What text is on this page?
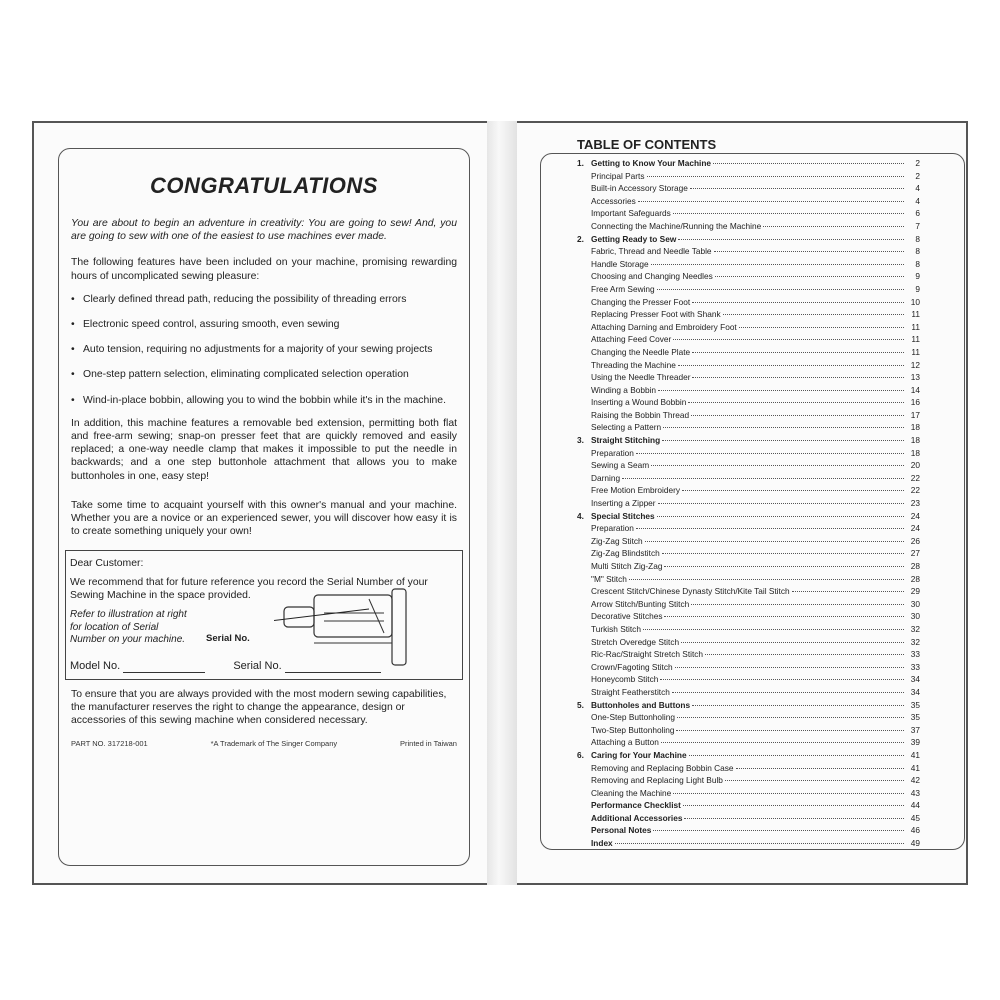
CONGRATULATIONS

You are about to begin an adventure in creativity: You are going to sew! And, you are going to sew with one of the easiest to use machines ever made.

The following features have been included on your machine, promising rewarding hours of uncomplicated sewing pleasure:

• Clearly defined thread path, reducing the possibility of threading errors
• Electronic speed control, assuring smooth, even sewing
• Auto tension, requiring no adjustments for a majority of your sewing projects
• One-step pattern selection, eliminating complicated selection operation
• Wind-in-place bobbin, allowing you to wind the bobbin while it's in the machine.

In addition, this machine features a removable bed extension, permitting both flat and free-arm sewing; snap-on presser feet that are quickly removed and easily replaced; a one-way needle clamp that makes it impossible to put the needle in backwards; and a one step buttonhole attachment that allows you to make buttonholes in one, easy step!

Take some time to acquaint yourself with this owner's manual and your machine. Whether you are a novice or an experienced sewer, you will discover how easy it is to create something uniquely your own!

Dear Customer:
We recommend that for future reference you record the Serial Number of your Sewing Machine in the space provided.
Refer to illustration at right for location of Serial Number on your machine.	Serial No.
Model No.	Serial No.

To ensure that you are always provided with the most modern sewing capabilities, the manufacturer reserves the right to change the appearance, design or accessories of this sewing machine when considered necessary.

PART NO. 317218-001	*A Trademark of The Singer Company	Printed in Taiwan
TABLE OF CONTENTS
1. Getting to Know Your Machine	2
Principal Parts	2
Built-in Accessory Storage	4
Accessories	4
Important Safeguards	6
Connecting the Machine/Running the Machine	7
2. Getting Ready to Sew	8
Fabric, Thread and Needle Table	8
Handle Storage	8
Choosing and Changing Needles	9
Free Arm Sewing	9
Changing the Presser Foot	10
Replacing Presser Foot with Shank	11
Attaching Darning and Embroidery Foot	11
Attaching Feed Cover	11
Changing the Needle Plate	11
Threading the Machine	12
Using the Needle Threader	13
Winding a Bobbin	14
Inserting a Wound Bobbin	16
Raising the Bobbin Thread	17
Selecting a Pattern	18
3. Straight Stitching	18
Preparation	18
Sewing a Seam	20
Darning	22
Free Motion Embroidery	22
Inserting a Zipper	23
4. Special Stitches	24
Preparation	24
Zig-Zag Stitch	26
Zig-Zag Blindstitch	27
Multi Stitch Zig-Zag	28
"M" Stitch	28
Crescent Stitch/Chinese Dynasty Stitch/Kite Tail Stitch	29
Arrow Stitch/Bunting Stitch	30
Decorative Stitches	30
Turkish Stitch	32
Stretch Overedge Stitch	32
Ric-Rac/Straight Stretch Stitch	33
Crown/Fagoting Stitch	33
Honeycomb Stitch	34
Straight Featherstitch	34
5. Buttonholes and Buttons	35
One-Step Buttonholing	35
Two-Step Buttonholing	37
Attaching a Button	39
6. Caring for Your Machine	41
Removing and Replacing Bobbin Case	41
Removing and Replacing Light Bulb	42
Cleaning the Machine	43
Performance Checklist	44
Additional Accessories	45
Personal Notes	46
Index	49
